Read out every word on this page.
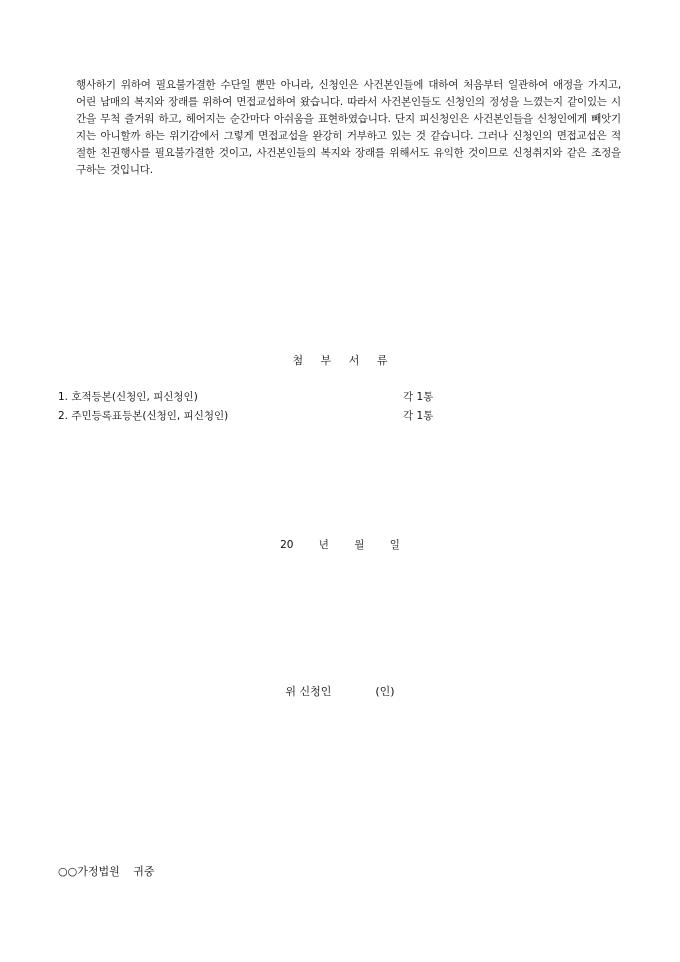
행사하기 위하여 필요불가결한 수단일 뿐만 아니라, 신청인은 사건본인들에 대하여 처음부터 일관하여 애정을 가지고, 어린 남매의 복지와 장래를 위하여 면접교섭하여 왔습니다. 따라서 사건본인들도 신청인의 정성을 느꼈는지 같이있는 시간을 무척 즐거워 하고, 헤어지는 순간마다 아쉬움을 표현하였습니다. 단지 피신청인은 사건본인들을 신청인에게 빼앗기지는 아니할까 하는 위기감에서 그렇게 면접교섭을 완강히 거부하고 있는 것 같습니다. 그러나 신청인의 면접교섭은 적절한 친권행사를 필요불가결한 것이고, 사건본인들의 복지와 장래를 위해서도 유익한 것이므로 신청취지와 같은 조정을 구하는 것입니다.
첨 부 서 류
1. 호적등본(신청인, 피신청인)	각 1통
2. 주민등록표등본(신청인, 피신청인)	각 1통
20 년 월 일
위 신청인	(인)
○○가정법원 귀중
